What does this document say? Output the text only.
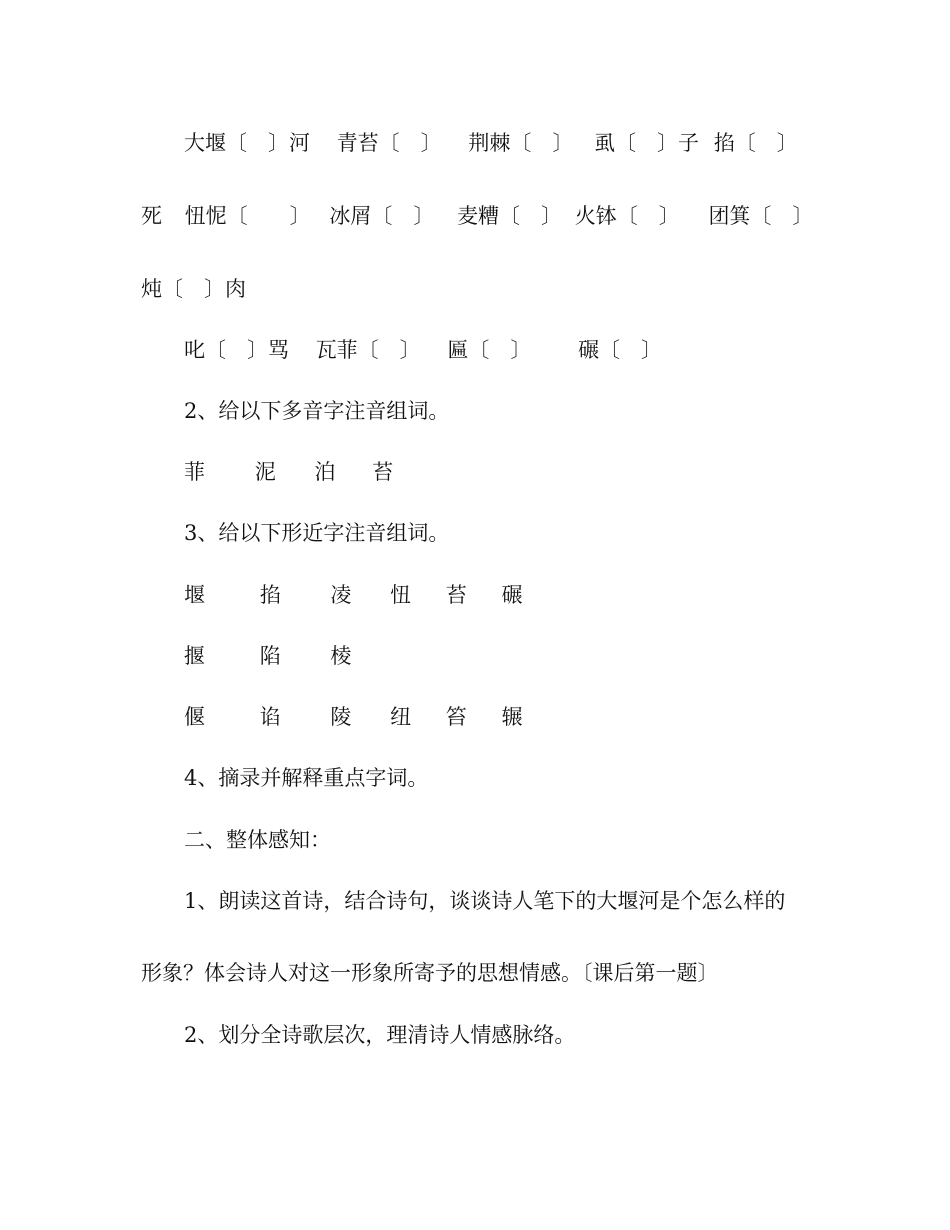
大堰〔　〕河 青苔〔　〕 荆棘〔　〕 虱〔　〕子 掐〔　〕
死 忸怩〔　　〕 冰屑〔　〕 麦糟〔　〕 火钵〔　〕 团箕〔　〕
炖〔　〕肉
叱〔　〕骂 瓦菲〔　〕 匾〔　〕 碾〔　〕
2、给以下多音字注音组词。
菲 泥 泊 苔
3、给以下形近字注音组词。
堰	掐 凌 忸 苔 碾
揠	陷 棱
偃	谄 陵 纽 笞 辗
4、摘录并解释重点字词。
二、整体感知：
1、朗读这首诗，结合诗句，谈谈诗人笔下的大堰河是个怎么样的
形象？体会诗人对这一形象所寄予的思想情感。〔课后第一题〕
2、划分全诗歌层次，理清诗人情感脉络。
